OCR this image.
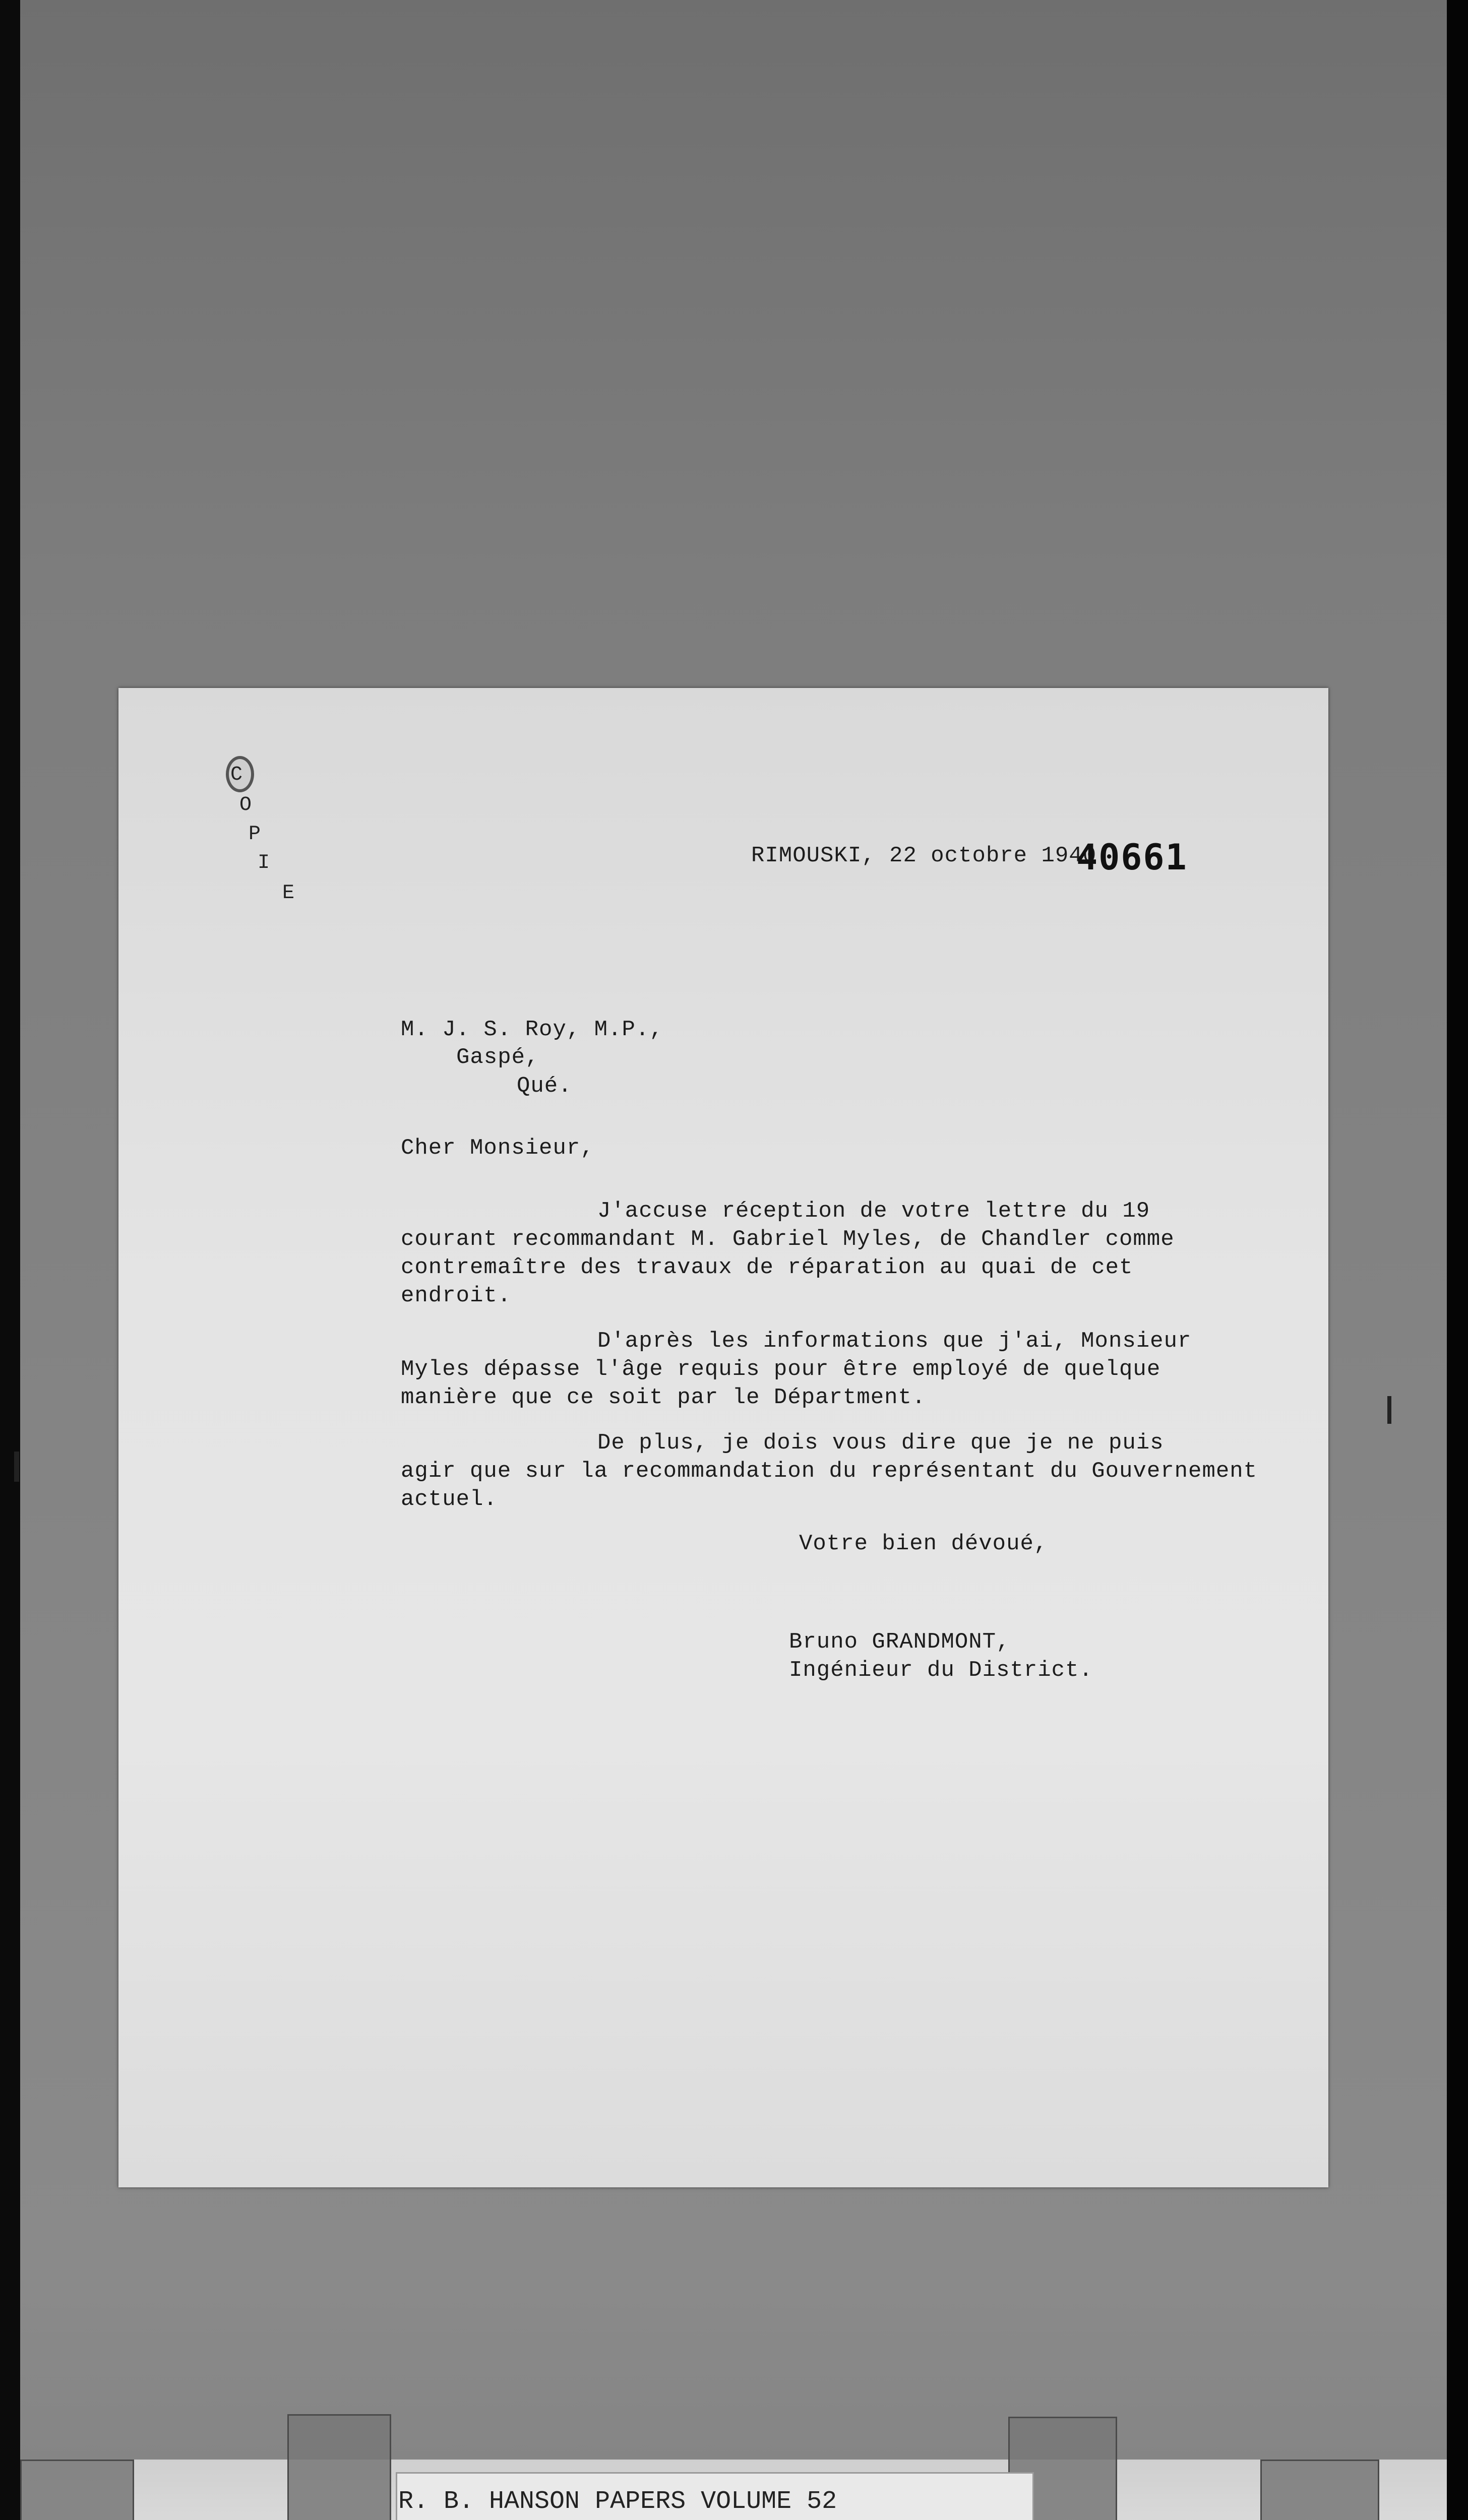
C
O
P
I
E
RIMOUSKI, 22 octobre 1940.
40661
M. J. S. Roy, M.P.,
Gaspé,
Qué.
Cher Monsieur,
J'accuse réception de votre lettre du 19
courant recommandant M. Gabriel Myles, de Chandler comme
contremaître des travaux de réparation au quai de cet
endroit.
D'après les informations que j'ai, Monsieur
Myles dépasse l'âge requis pour être employé de quelque
manière que ce soit par le Départment.
De plus, je dois vous dire que je ne puis
agir que sur la recommandation du représentant du Gouvernement
actuel.
Votre bien dévoué,
Bruno GRANDMONT,
Ingénieur du District.
R. B. HANSON PAPERS VOLUME 52
